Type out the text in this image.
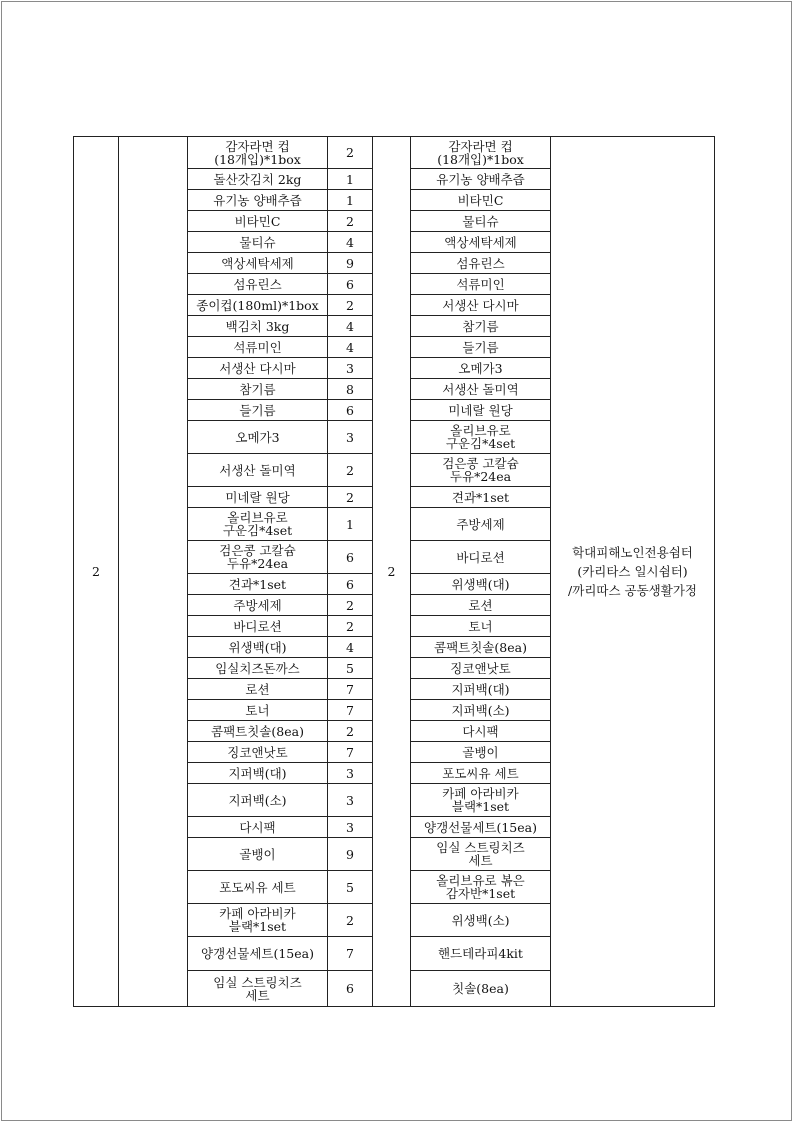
2		감자라면 컵
(18개입)*1box	2	2	감자라면 컵
(18개입)*1box	학대피해노인전용쉼터
(카리타스 일시쉼터)
/까리따스 공동생활가정

		돌산갓김치 2kg	1		유기농 양배추즙	

		유기농 양배추즙	1		비타민C	

		비타민C	2		물티슈	

		물티슈	4		액상세탁세제	

		액상세탁세제	9		섬유린스	

		섬유린스	6		석류미인	

		종이컵(180ml)*1box	2		서생산 다시마	

		백김치 3kg	4		참기름	

		석류미인	4		들기름	

		서생산 다시마	3		오메가3	

		참기름	8		서생산 돌미역	

		들기름	6		미네랄 원당	

		오메가3	3		올리브유로
구운김*4set	

		서생산 돌미역	2		검은콩 고칼슘
두유*24ea	

		미네랄 원당	2		견과*1set	

		올리브유로
구운김*4set	1		주방세제	

		검은콩 고칼슘
두유*24ea	6		바디로션	

		견과*1set	6		위생백(대)	

		주방세제	2		로션	

		바디로션	2		토너	

		위생백(대)	4		콤팩트칫솔(8ea)	

		임실치즈돈까스	5		징코앤낫토	

		로션	7		지퍼백(대)	

		토너	7		지퍼백(소)	

		콤팩트칫솔(8ea)	2		다시팩	

		징코앤낫토	7		골뱅이	

		지퍼백(대)	3		포도씨유 세트	

		지퍼백(소)	3		카페 아라비카
블랙*1set	

		다시팩	3		양갱선물세트(15ea)	

		골뱅이	9		임실 스트링치즈
세트	

		포도씨유 세트	5		올리브유로 볶은
감자반*1set	

		카페 아라비카
블랙*1set	2		위생백(소)	

		양갱선물세트(15ea)	7		핸드테라피4kit	

		임실 스트링치즈
세트	6		칫솔(8ea)	
